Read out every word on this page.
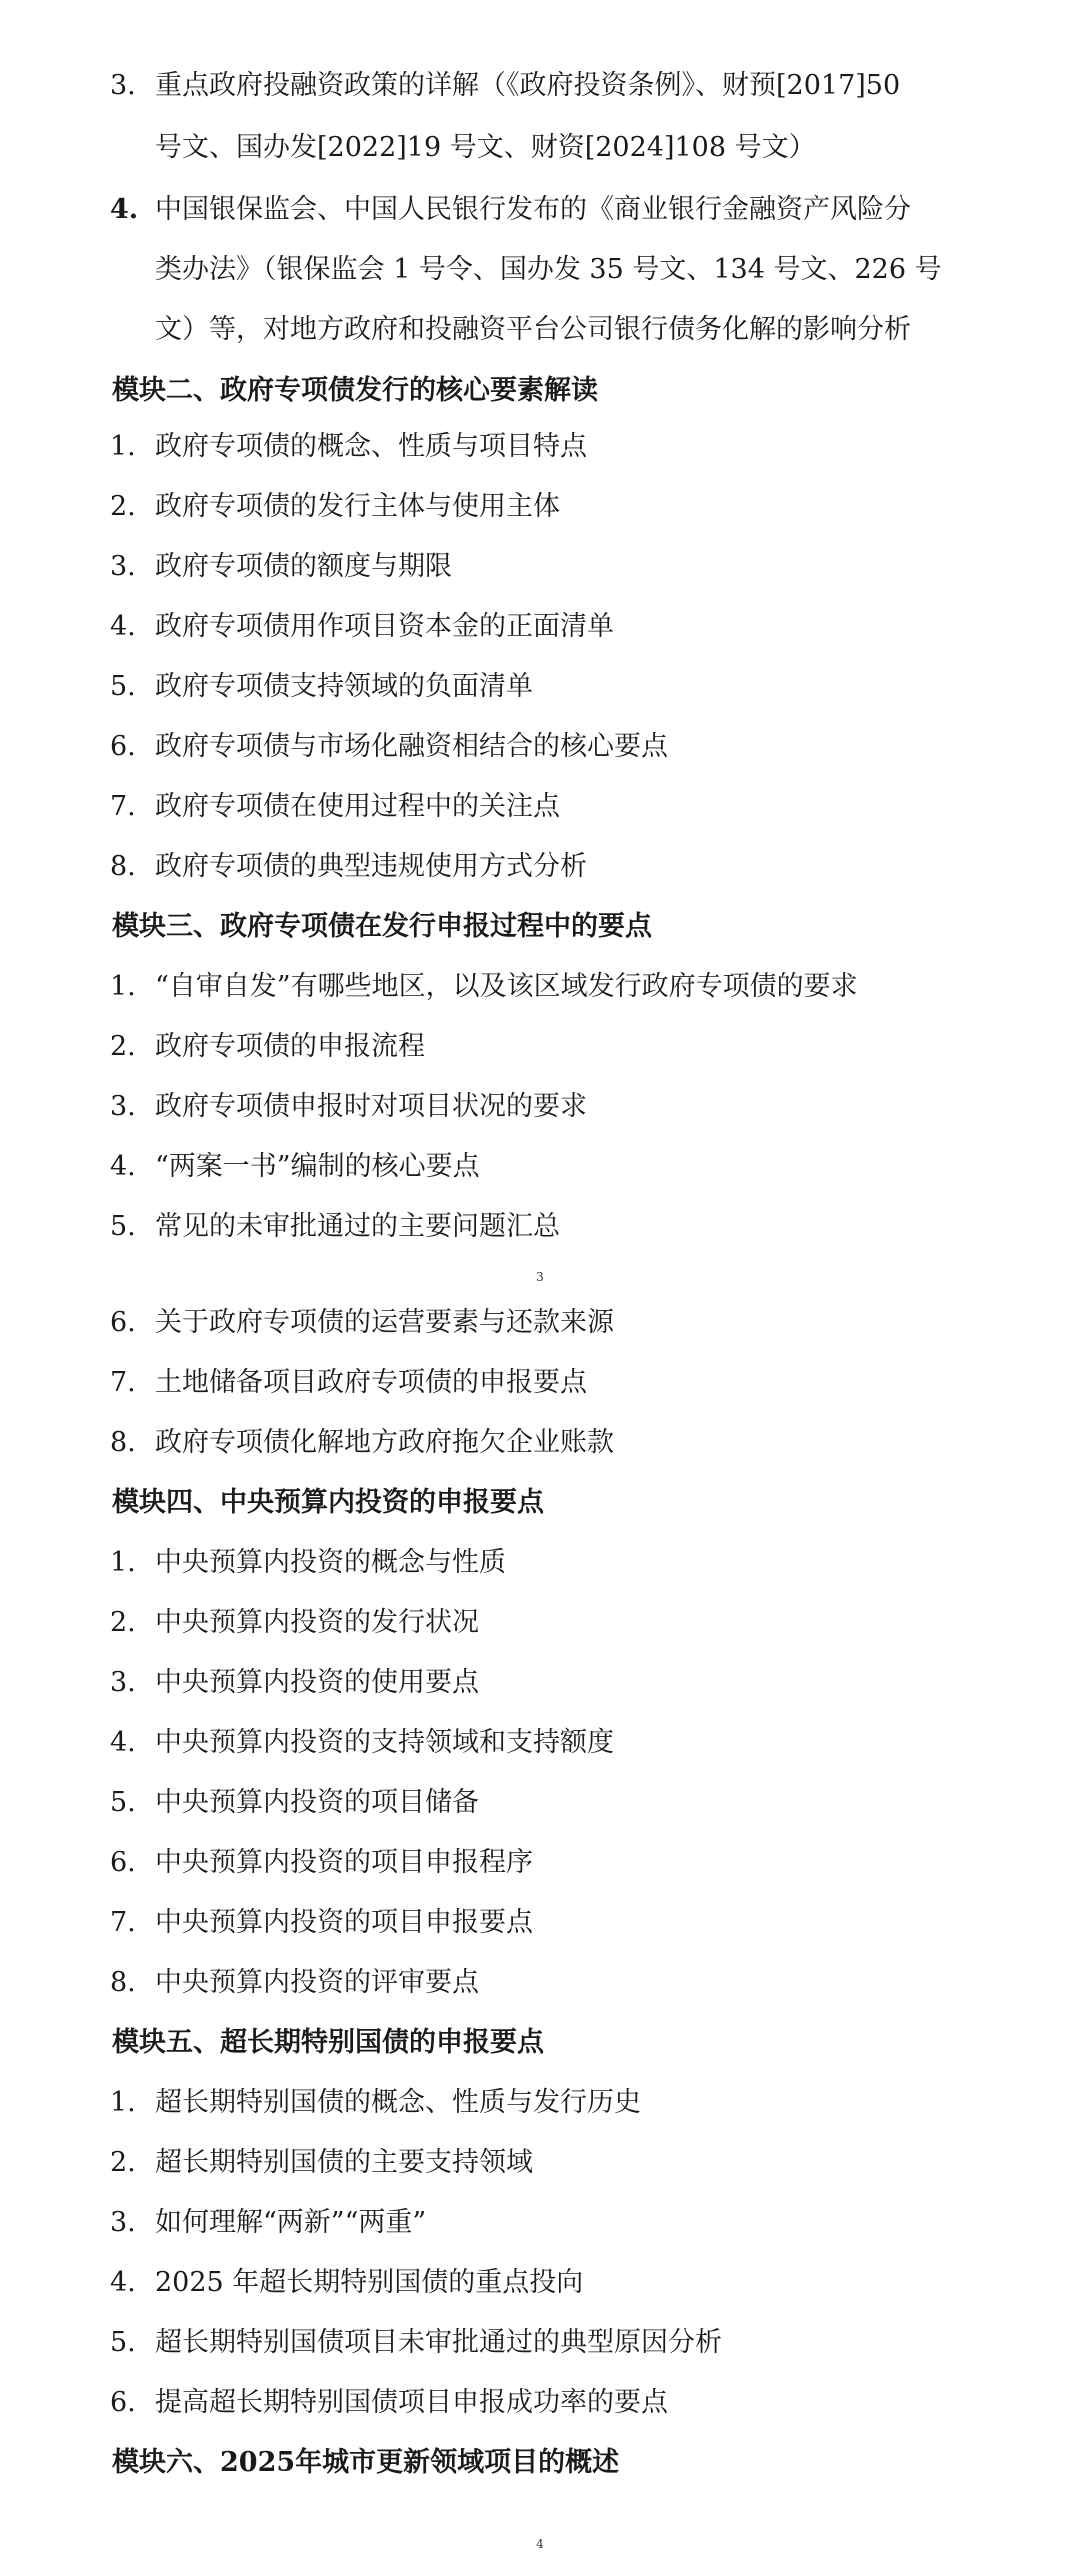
3
4
3. 重点政府投融资政策的详解（《政府投资条例》、财预[2017]50
号文、国办发[2022]19 号文、财资[2024]108 号文）
4. 中国银保监会、中国人民银行发布的《商业银行金融资产风险分
类办法》（银保监会 1 号令、国办发 35 号文、134 号文、226 号
文）等，对地方政府和投融资平台公司银行债务化解的影响分析
模块二、政府专项债发行的核心要素解读
1. 政府专项债的概念、性质与项目特点
2. 政府专项债的发行主体与使用主体
3. 政府专项债的额度与期限
4. 政府专项债用作项目资本金的正面清单
5. 政府专项债支持领域的负面清单
6. 政府专项债与市场化融资相结合的核心要点
7. 政府专项债在使用过程中的关注点
8. 政府专项债的典型违规使用方式分析
模块三、政府专项债在发行申报过程中的要点
1. “自审自发”有哪些地区，以及该区域发行政府专项债的要求
2. 政府专项债的申报流程
3. 政府专项债申报时对项目状况的要求
4. “两案一书”编制的核心要点
5. 常见的未审批通过的主要问题汇总
6. 关于政府专项债的运营要素与还款来源
7. 土地储备项目政府专项债的申报要点
8. 政府专项债化解地方政府拖欠企业账款
模块四、中央预算内投资的申报要点
1. 中央预算内投资的概念与性质
2. 中央预算内投资的发行状况
3. 中央预算内投资的使用要点
4. 中央预算内投资的支持领域和支持额度
5. 中央预算内投资的项目储备
6. 中央预算内投资的项目申报程序
7. 中央预算内投资的项目申报要点
8. 中央预算内投资的评审要点
模块五、超长期特别国债的申报要点
1. 超长期特别国债的概念、性质与发行历史
2. 超长期特别国债的主要支持领域
3. 如何理解“两新”“两重”
4. 2025 年超长期特别国债的重点投向
5. 超长期特别国债项目未审批通过的典型原因分析
6. 提高超长期特别国债项目申报成功率的要点
模块六、2025年城市更新领域项目的概述
